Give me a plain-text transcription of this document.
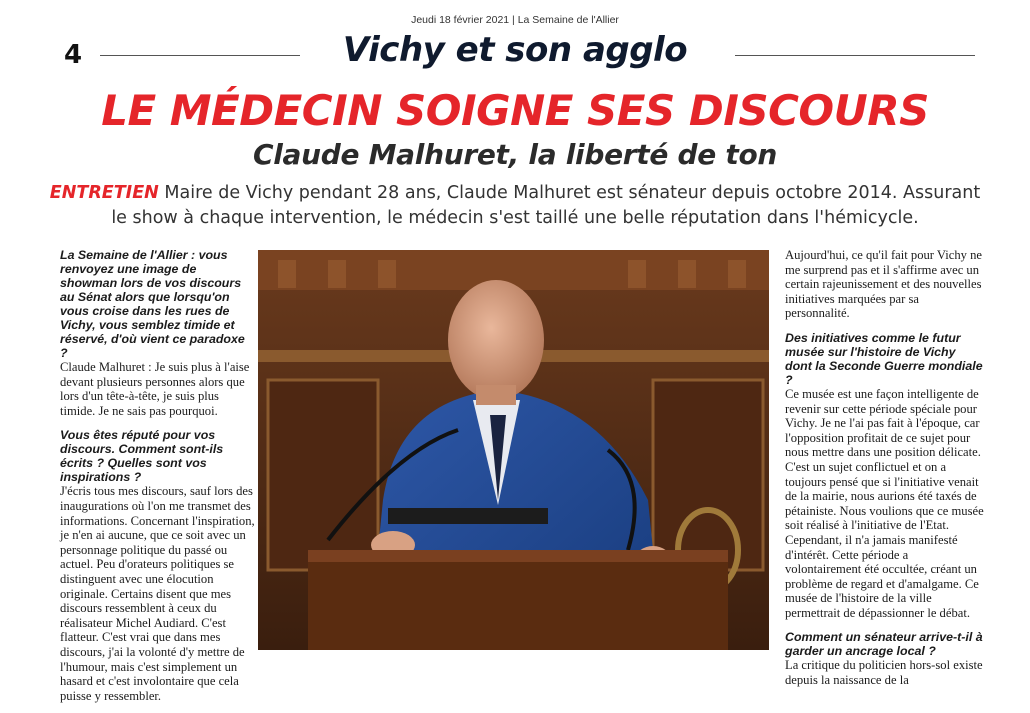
Jeudi 18 février 2021 | La Semaine de l'Allier
4	Vichy et son agglo
LE MÉDECIN SOIGNE SES DISCOURS
Claude Malhuret, la liberté de ton
ENTRETIEN Maire de Vichy pendant 28 ans, Claude Malhuret est sénateur depuis octobre 2014. Assurant le show à chaque intervention, le médecin s'est taillé une belle réputation dans l'hémicycle.

La Semaine de l'Allier : vous renvoyez une image de showman lors de vos discours au Sénat alors que lorsqu'on vous croise dans les rues de Vichy, vous semblez timide et réservé, d'où vient ce paradoxe ?

Claude Malhuret : Je suis plus à l'aise devant plusieurs personnes alors que lors d'un tête-à-tête, je suis plus timide. Je ne sais pas pourquoi.

Vous êtes réputé pour vos discours. Comment sont-ils écrits ? Quelles sont vos inspirations ?

J'écris tous mes discours, sauf lors des inaugurations où l'on me transmet des informations. Concernant l'inspiration, je n'en ai aucune, que ce soit avec un personnage politique du passé ou actuel. Peu d'orateurs politiques se distinguent avec une élocution originale. Certains disent que mes discours ressemblent à ceux du réalisateur Michel Audiard. C'est flatteur. C'est vrai que dans mes discours, j'ai la volonté d'y mettre de l'humour, mais c'est simplement un hasard et c'est involontaire que cela puisse y ressembler.

Aujourd'hui, ce qu'il fait pour Vichy ne me surprend pas et il s'affirme avec un certain rajeunissement et des nouvelles initiatives marquées par sa personnalité.

Des initiatives comme le futur musée sur l'histoire de Vichy dont la Seconde Guerre mondiale ?

Ce musée est une façon intelligente de revenir sur cette période spéciale pour Vichy. Je ne l'ai pas fait à l'époque, car l'opposition profitait de ce sujet pour nous mettre dans une position délicate. C'est un sujet conflictuel et on a toujours pensé que si l'initiative venait de la mairie, nous aurions été taxés de pétainiste. Nous voulions que ce musée soit réalisé à l'initiative de l'Etat. Cependant, il n'a jamais manifesté d'intérêt. Cette période a volontairement été occultée, créant un problème de regard et d'amalgame. Ce musée de l'histoire de la ville permettrait de dépassionner le débat.

Comment un sénateur arrive-t-il à garder un ancrage local ?

La critique du politicien hors-sol existe depuis la naissance de la
